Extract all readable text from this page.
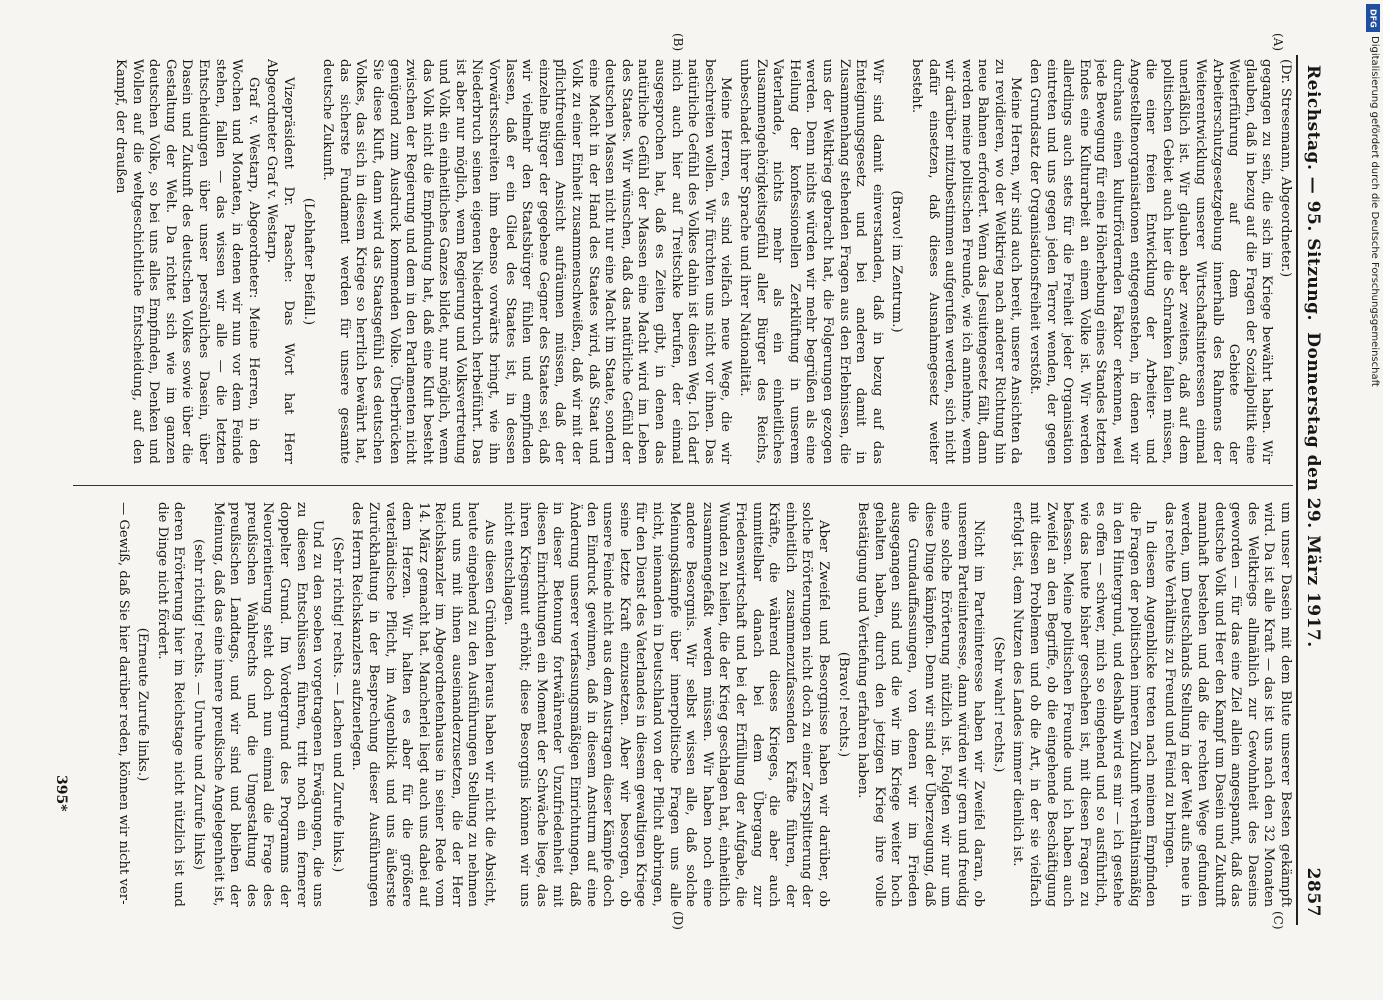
Reichstag. — 95. Sitzung.
Donnerstag den 29. März 1917.
2857
(A)
(B)
(C)
(D)

(Dr. Stresemann, Abgeordneter.)

gegangen zu sein, die sich im Kriege bewährt haben. Wir glauben, daß in bezug auf die Fragen der Sozialpolitik eine Weiterführung auf dem Gebiete der Arbeiterschutzgesetzgebung innerhalb des Rahmens der Weiterentwicklung unserer Wirtschaftsinteressen einmal unerläßlich ist. Wir glauben aber zweitens, daß auf dem politischen Gebiet auch hier die Schranken fallen müssen, die einer freien Entwicklung der Arbeiter- und Angestelltenorganisationen entgegenstehen, in denen wir durchaus einen kulturfördernden Faktor erkennen, weil jede Bewegung für eine Höherhebung eines Standes letzten Endes eine Kulturarbeit an einem Volke ist. Wir werden allerdings auch stets für die Freiheit jeder Organisation eintreten und uns gegen jeden Terror wenden, der gegen den Grundsatz der Organisationsfreiheit verstößt.

Meine Herren, wir sind auch bereit, unsere Ansichten da zu revidieren, wo der Weltkrieg nach anderer Richtung hin neue Bahnen erfordert. Wenn das Jesuitengesetz fällt, dann werden meine politischen Freunde, wie ich annehme, wenn wir darüber mitzubestimmen aufgerufen werden, sich nicht dafür einsetzen, daß dieses Ausnahmegesetz weiter besteht.

(Bravo! im Zentrum.)

Wir sind damit einverstanden, daß in bezug auf das Enteignungsgesetz und bei anderen damit in Zusammenhang stehenden Fragen aus den Erlebnissen, die uns der Weltkrieg gebracht hat, die Folgerungen gezogen werden. Denn nichts würden wir mehr begrüßen als eine Heilung der konfessionellen Zerklüftung in unserem Vaterlande, nichts mehr als ein einheitliches Zusammengehörigkeitsgefühl aller Bürger des Reichs, unbeschadet ihrer Sprache und ihrer Nationalität.

Meine Herren, es sind vielfach neue Wege, die wir beschreiten wollen. Wir fürchten uns nicht vor ihnen. Das natürliche Gefühl des Volkes dahin ist diesen Weg. Ich darf mich auch hier auf Treitschke berufen, der einmal ausgesprochen hat, daß es Zeiten gibt, in denen das natürliche Gefühl der Massen eine Macht wird im Leben des Staates. Wir wünschen, daß das natürliche Gefühl der deutschen Massen nicht nur eine Macht im Staate, sondern eine Macht in der Hand des Staates wird, daß Staat und Volk zu einer Einheit zusammenschweißen, daß wir mit der pflichtfreudigen Ansicht aufräumen müssen, daß der einzelne Bürger der gegebene Gegner des Staates sei, daß wir vielmehr den Staatsbürger fühlen und empfinden lassen, daß er ein Glied des Staates ist, in dessen Vorwärtsschreiten ihm ebenso vorwärts bringt, wie ihn Niederbruch seinen eigenen Niederbruch herbeiführt. Das ist aber nur möglich, wenn Regierung und Volksvertretung und Volk ein einheitliches Ganzes bildet, nur möglich, wenn das Volk nicht die Empfindung hat, daß eine Kluft besteht zwischen der Regierung und dem in den Parlamenten nicht genügend zum Ausdruck kommenden Volke. Überbrücken Sie diese Kluft, dann wird das Staatsgefühl des deutschen Volkes, das sich in diesem Kriege so herrlich bewährt hat, das sicherste Fundament werden für unsere gesamte deutsche Zukunft.

(Lebhafter Beifall.)

Vizepräsident Dr. Paasche: Das Wort hat Herr Abgeordneter Graf v. Westarp.

Graf v. Westarp, Abgeordneter: Meine Herren, in den Wochen und Monaten, in denen wir nun vor dem Feinde stehen, fallen — das wissen wir alle — die letzten Entscheidungen über unser persönliches Dasein, über Dasein und Zukunft des deutschen Volkes sowie über die Gestaltung der Welt. Da richtet sich wie im ganzen deutschen Volke, so bei uns alles Empfinden, Denken und Wollen auf die weltgeschichtliche Entscheidung, auf den Kampf, der draußen

um unser Dasein mit dem Blute unserer Besten gekämpft wird. Da ist alle Kraft — das ist uns nach den 32 Monaten des Weltkriegs allmählich zur Gewohnheit des Daseins geworden — für das eine Ziel allein angespannt, daß das deutsche Volk und Heer den Kampf um Dasein und Zukunft mannhaft bestehen und daß die rechten Wege gefunden werden, um Deutschlands Stellung in der Welt aufs neue in das rechte Verhältnis zu Freund und Feind zu bringen.

In diesem Augenblicke treten nach meinem Empfinden die Fragen der politischen inneren Zukunft verhältnismäßig in den Hintergrund, und deshalb wird es mir — ich gestehe es offen — schwer, mich so eingehend und so ausführlich, wie das heute bisher geschehen ist, mit diesen Fragen zu befassen. Meine politischen Freunde und ich haben auch Zweifel an den Begriffe, ob die eingehende Beschäftigung mit diesen Problemen und ob die Art, in der sie vielfach erfolgt ist, dem Nutzen des Landes immer dienlich ist.

(Sehr wahr! rechts.)

Nicht im Parteiinteresse haben wir Zweifel daran, ob unserem Parteiinteresse, dann würden wir gern und freudig eine solche Erörterung nützlich ist. Folgten wir nur um diese Dinge kämpfen. Denn wir sind der Überzeugung, daß die Grundauffassungen, von denen wir im Frieden ausgegangen sind und die wir im Kriege weiter hoch gehalten haben, durch den jetzigen Krieg ihre volle Bestätigung und Vertiefung erfahren haben.

(Bravo! rechts.)

Aber Zweifel und Besorgnisse haben wir darüber, ob solche Erörterungen nicht doch zu einer Zersplitterung der einheitlich zusammenzufassenden Kräfte führen, der Kräfte, die während dieses Krieges, die aber auch unmittelbar danach bei dem Übergang zur Friedenswirtschaft und bei der Erfüllung der Aufgabe, die Wunden zu heilen, die der Krieg geschlagen hat, einheitlich zusammengefaßt werden müssen. Wir haben noch eine andere Besorgnis. Wir selbst wissen alle, daß solche Meinungskämpfe über innerpolitische Fragen uns alle nicht, niemanden in Deutschland von der Pflicht abbringen, für den Dienst des Vaterlandes in diesem gewaltigen Kriege seine letzte Kraft einzusetzen. Aber wir besorgen, ob unsere Feinde nicht aus dem Austragen dieser Kämpfe doch den Eindruck gewinnen, daß in diesem Ansturm auf eine Änderung unserer verfassungsmäßigen Einrichtungen, daß in dieser Betonung fortwährender Unzufriedenheit mit diesen Einrichtungen ein Moment der Schwäche liege, das ihren Kriegsmut erhöht; diese Besorgnis können wir uns nicht entschlagen.

Aus diesen Gründen heraus haben wir nicht die Absicht, heute eingehend zu den Ausführungen Stellung zu nehmen und uns mit ihnen auseinanderzusetzen, die der Herr Reichskanzler im Abgeordnetenhause in seiner Rede vom 14. März gemacht hat. Mancherlei liegt auch uns dabei auf dem Herzen. Wir halten es aber für die größere vaterländische Pflicht, im Augenblick und uns äußerste Zurückhaltung in der Besprechung dieser Ausführungen des Herrn Reichskanzlers aufzuerlegen.

(Sehr richtig! rechts. — Lachen und Zurufe links.)

Und zu den soeben vorgetragenen Erwägungen, die uns zu diesen Entschlüssen führen, tritt noch ein fernerer doppelter Grund. Im Vordergrund des Programms der Neuorientierung steht doch nun einmal die Frage des preußischen Wahlrechts und die Umgestaltung des preußischen Landtags, und wir sind und bleiben der Meinung, daß das eine innere preußische Angelegenheit ist,

(sehr richtig! rechts. — Unruhe und Zurufe links)

deren Erörterung hier im Reichstage nicht nützlich ist und die Dinge nicht fördert.

(Erneute Zurufe links.)

— Gewiß, daß Sie hier darüber reden, können wir nicht ver-

395*
DFG
Digitalisierung gefördert durch die Deutsche Forschungsgemeinschaft
